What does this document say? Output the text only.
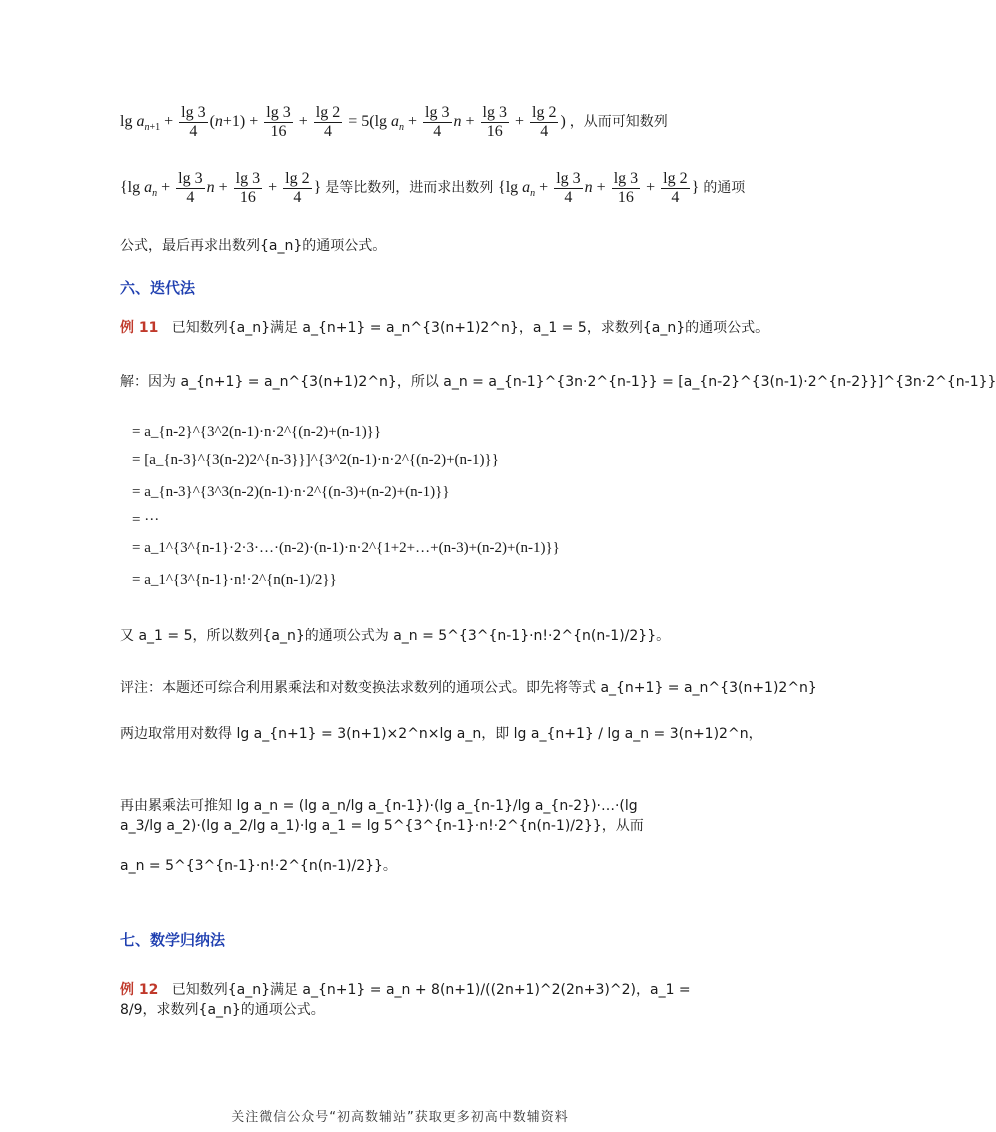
$\lg a_{n+1} + \frac{\lg 3}{4} (n+1) + \frac{\lg 3}{16} + \frac{\lg 2}{4} = 5(\lg$ $a_n + \frac{\lg 3}{4}$ $n + \frac{\lg 3}{16} + \frac{\lg 2}{4}$ ) ，从而可知数列
{lg $a_n + \frac{\lg 3}{4}$ $n + \frac{\lg 3}{16} + \frac{\lg 2}{4}$ } 是等比数列，进而求出数列 {lg $a_n + \frac{\lg 3}{4}$ $n + \frac{\lg 3}{16} + \frac{\lg 2}{4}$ } 的通项
公式，最后再求出数列{a_n}的通项公式。
六、迭代法
例 11 已知数列{a_n}满足 a_{n+1} = a_n^{3(n+1)2^n}，a_1 = 5，求数列{a_n}的通项公式。
解：因为 a_{n+1} = a_n^{3(n+1)2^n}，所以 a_n = a_{n-1}^{3n·2^{n-1}} = [a_{n-2}^{3(n-1)·2^{n-2}}]^{3n·2^{n-1}}
= a_{n-2}^{3^2(n-1)·n·2^{(n-2)+(n-1)}}
= [a_{n-3}^{3(n-2)2^{n-3}}]^{3^2(n-1)·n·2^{(n-2)+(n-1)}}
= a_{n-3}^{3^3(n-2)(n-1)·n·2^{(n-3)+(n-2)+(n-1)}}
= ···
= a_1^{3^{n-1}·2·3·…·(n-2)·(n-1)·n·2^{1+2+…+(n-3)+(n-2)+(n-1)}}
= a_1^{3^{n-1}·n!·2^{n(n-1)/2}}
又 a_1 = 5，所以数列{a_n}的通项公式为 a_n = 5^{3^{n-1}·n!·2^{n(n-1)/2}}。
评注：本题还可综合利用累乘法和对数变换法求数列的通项公式。即先将等式 a_{n+1} = a_n^{3(n+1)2^n}
两边取常用对数得 lg a_{n+1} = 3(n+1)×2^n×lg a_n，即 lg a_{n+1} / lg a_n = 3(n+1)2^n，
再由累乘法可推知 lg a_n = (lg a_n/lg a_{n-1})·(lg a_{n-1}/lg a_{n-2})·…·(lg a_3/lg a_2)·(lg a_2/lg a_1)·lg a_1 = lg 5^{3^{n-1}·n!·2^{n(n-1)/2}}，从而
a_n = 5^{3^{n-1}·n!·2^{n(n-1)/2}}。
七、数学归纳法
例 12 已知数列{a_n}满足 a_{n+1} = a_n + 8(n+1)/((2n+1)^2(2n+3)^2)，a_1 = 8/9，求数列{a_n}的通项公式。
关注微信公众号“初高数辅站”获取更多初高中数辅资料
